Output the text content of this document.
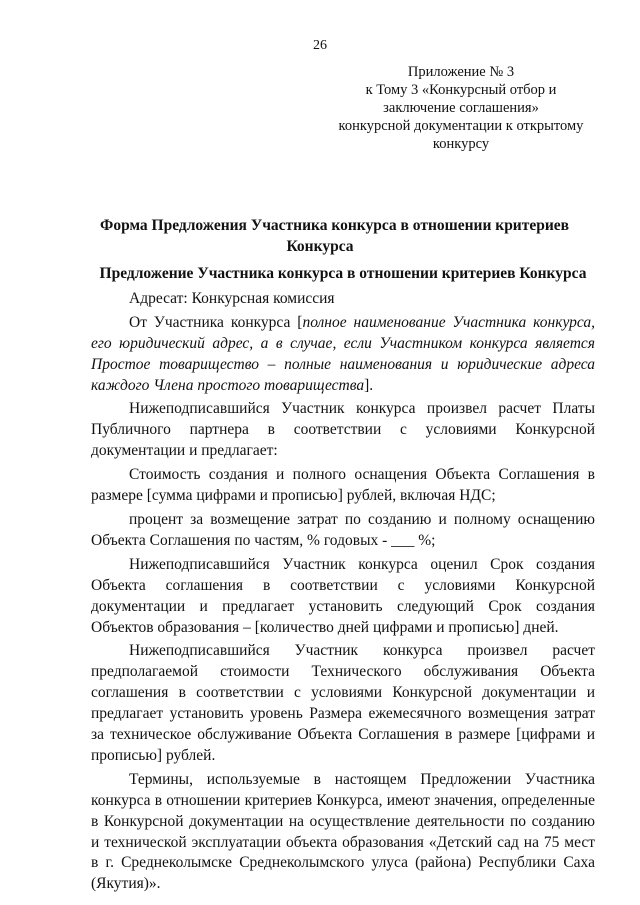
26
Приложение № 3
к Тому 3 «Конкурсный отбор и
заключение соглашения»
конкурсной документации к открытому
конкурсу
Форма Предложения Участника конкурса в отношении критериев
Конкурса
Предложение Участника конкурса в отношении критериев Конкурса

Адресат: Конкурсная комиссия

От Участника конкурса [полное наименование Участника конкурса, его юридический адрес, а в случае, если Участником конкурса является Простое товарищество – полные наименования и юридические адреса каждого Члена простого товарищества].

Нижеподписавшийся Участник конкурса произвел расчет Платы Публичного партнера в соответствии с условиями Конкурсной документации и предлагает:

Стоимость создания и полного оснащения Объекта Соглашения в размере [сумма цифрами и прописью] рублей, включая НДС;

процент за возмещение затрат по созданию и полному оснащению Объекта Соглашения по частям, % годовых - ___ %;

Нижеподписавшийся Участник конкурса оценил Срок создания Объекта соглашения в соответствии с условиями Конкурсной документации и предлагает установить следующий Срок создания Объектов образования – [количество дней цифрами и прописью] дней.

Нижеподписавшийся Участник конкурса произвел расчет предполагаемой стоимости Технического обслуживания Объекта соглашения в соответствии с условиями Конкурсной документации и предлагает установить уровень Размера ежемесячного возмещения затрат за техническое обслуживание Объекта Соглашения в размере [цифрами и прописью] рублей.

Термины, используемые в настоящем Предложении Участника конкурса в отношении критериев Конкурса, имеют значения, определенные в Конкурсной документации на осуществление деятельности по созданию и технической эксплуатации объекта образования «Детский сад на 75 мест в г. Среднеколымске Среднеколымского улуса (района) Республики Саха (Якутия)».
